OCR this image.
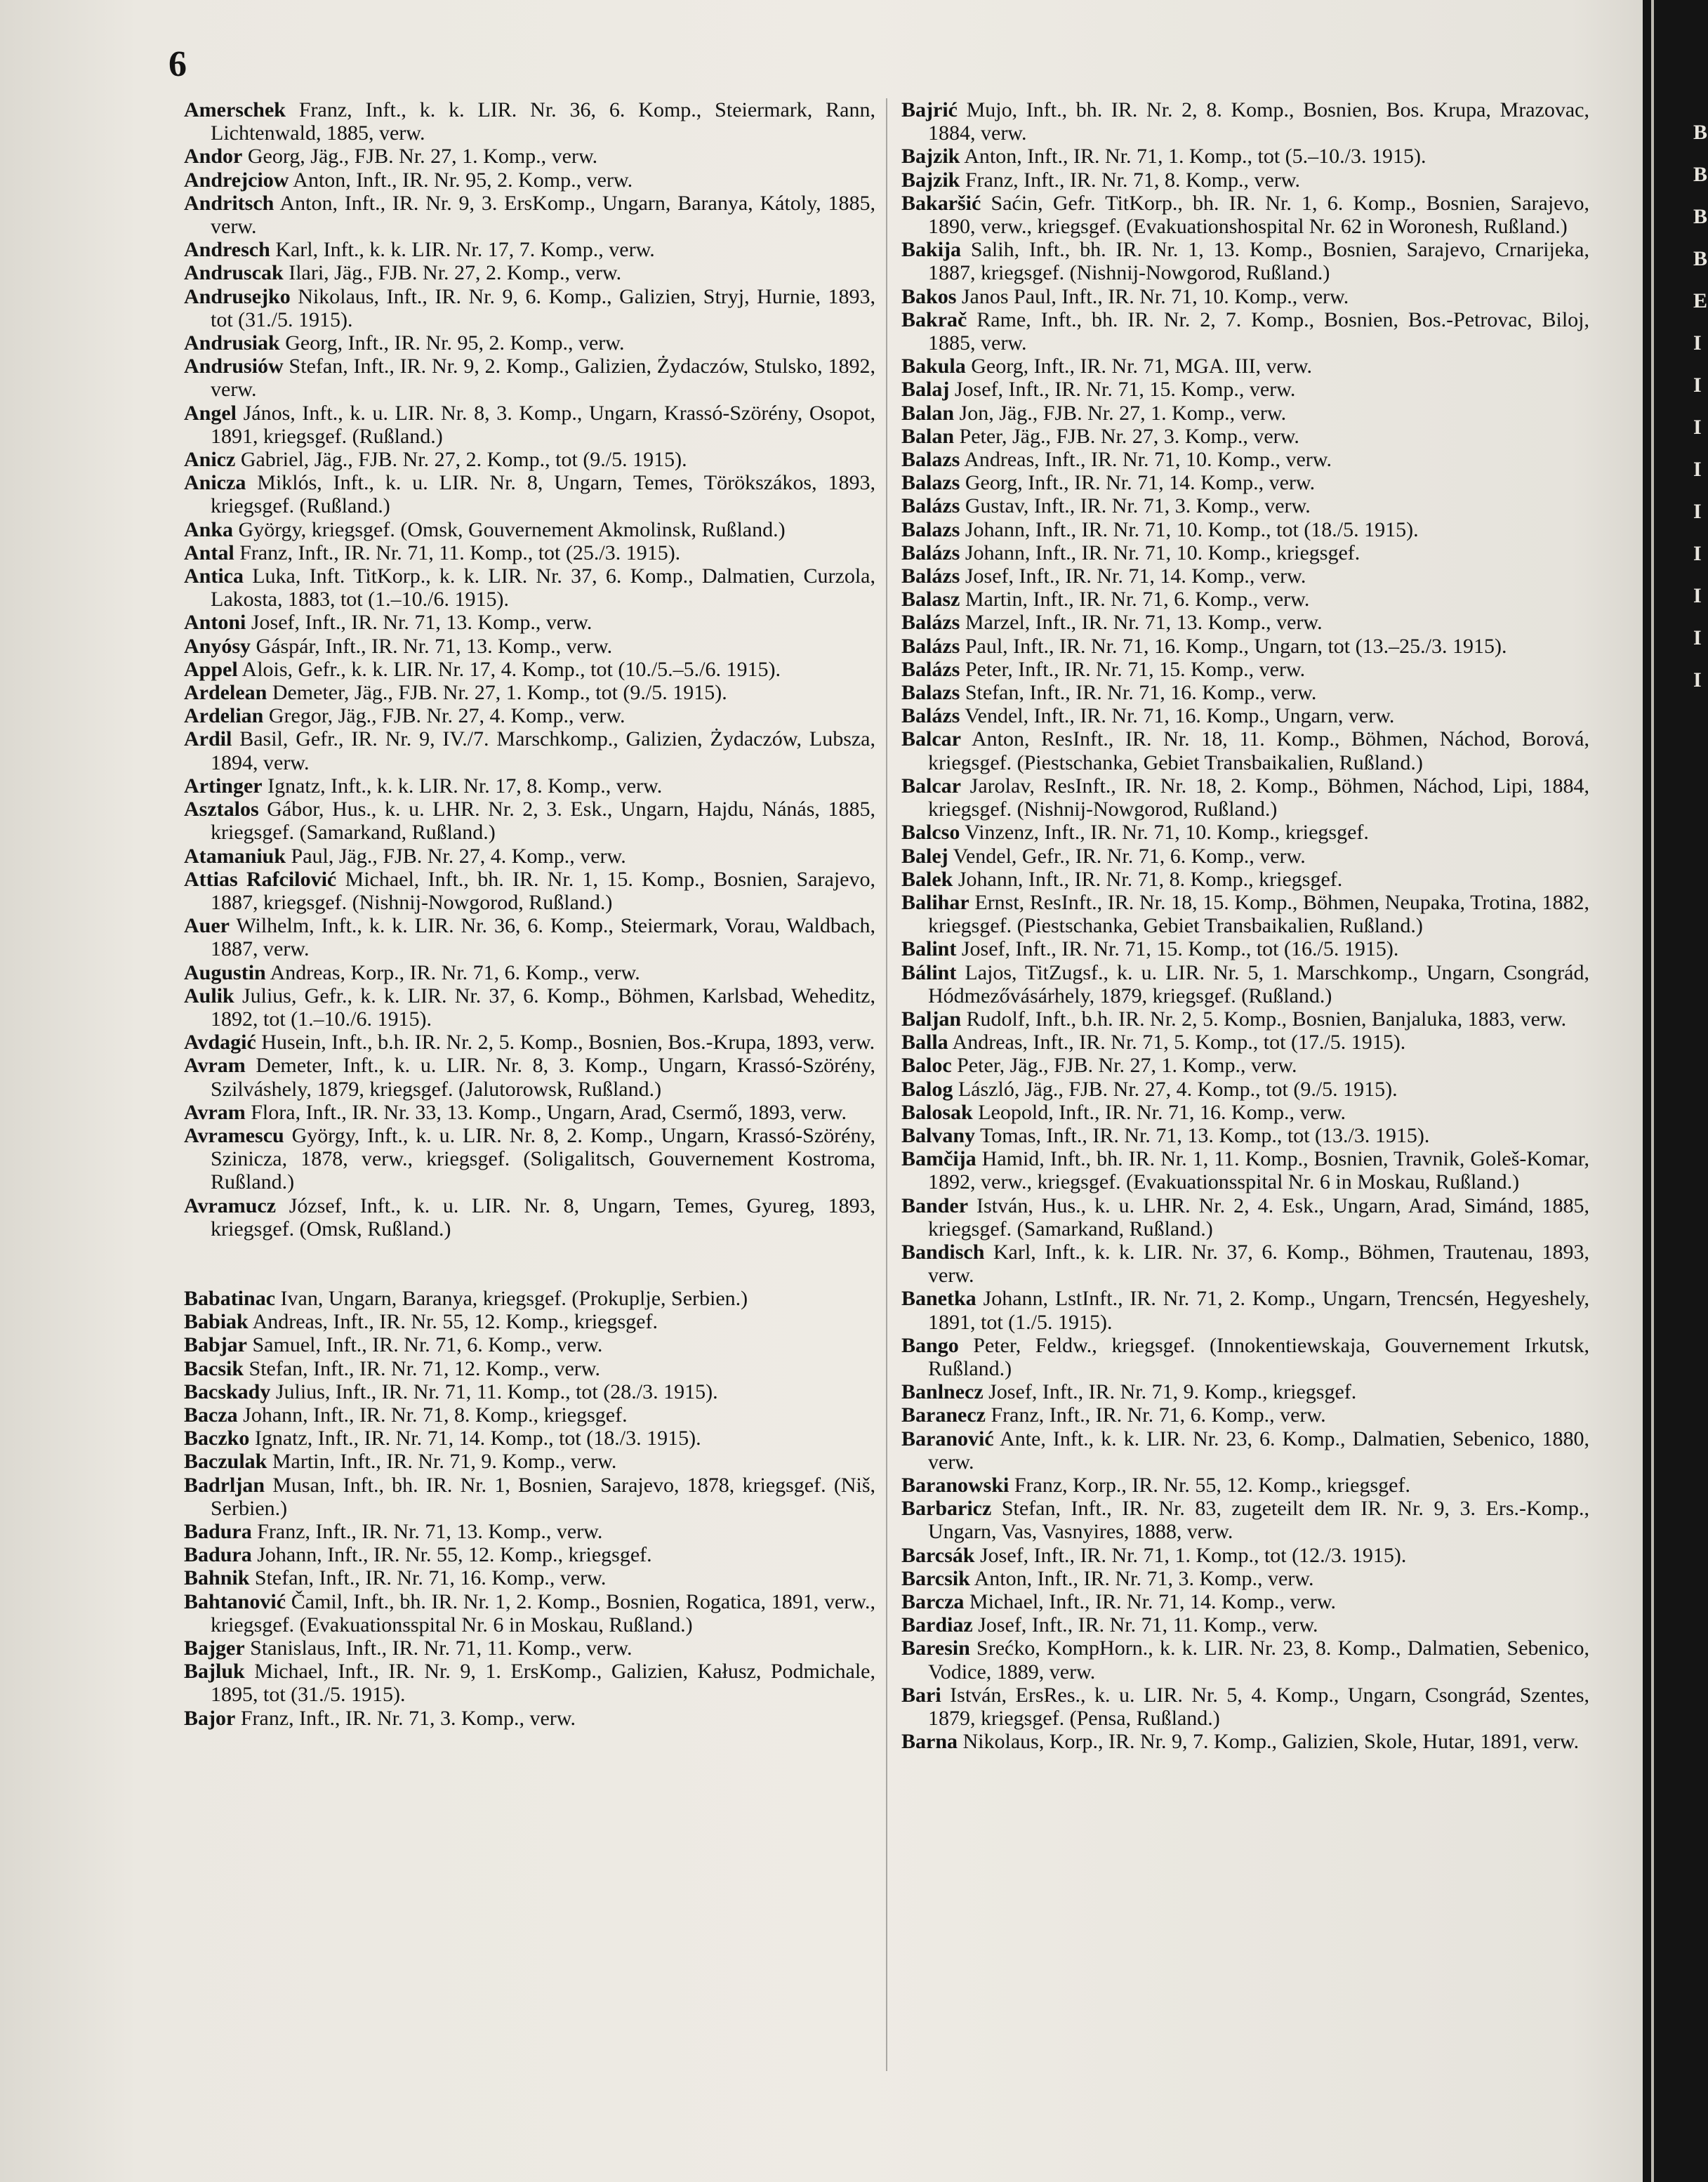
6

Amerschek Franz, Inft., k. k. LIR. Nr. 36, 6. Komp., Steiermark, Rann, Lichtenwald, 1885, verw.

Andor Georg, Jäg., FJB. Nr. 27, 1. Komp., verw.

Andrejciow Anton, Inft., IR. Nr. 95, 2. Komp., verw.

Andritsch Anton, Inft., IR. Nr. 9, 3. ErsKomp., Ungarn, Baranya, Kátoly, 1885, verw.

Andresch Karl, Inft., k. k. LIR. Nr. 17, 7. Komp., verw.

Andruscak Ilari, Jäg., FJB. Nr. 27, 2. Komp., verw.

Andrusejko Nikolaus, Inft., IR. Nr. 9, 6. Komp., Galizien, Stryj, Hurnie, 1893, tot (31./5. 1915).

Andrusiak Georg, Inft., IR. Nr. 95, 2. Komp., verw.

Andrusiów Stefan, Inft., IR. Nr. 9, 2. Komp., Galizien, Żydaczów, Stulsko, 1892, verw.

Angel János, Inft., k. u. LIR. Nr. 8, 3. Komp., Ungarn, Krassó-Szörény, Osopot, 1891, kriegsgef. (Rußland.)

Anicz Gabriel, Jäg., FJB. Nr. 27, 2. Komp., tot (9./5. 1915).

Anicza Miklós, Inft., k. u. LIR. Nr. 8, Ungarn, Temes, Törökszákos, 1893, kriegsgef. (Rußland.)

Anka György, kriegsgef. (Omsk, Gouvernement Akmolinsk, Rußland.)

Antal Franz, Inft., IR. Nr. 71, 11. Komp., tot (25./3. 1915).

Antica Luka, Inft. TitKorp., k. k. LIR. Nr. 37, 6. Komp., Dalmatien, Curzola, Lakosta, 1883, tot (1.–10./6. 1915).

Antoni Josef, Inft., IR. Nr. 71, 13. Komp., verw.

Anyósy Gáspár, Inft., IR. Nr. 71, 13. Komp., verw.

Appel Alois, Gefr., k. k. LIR. Nr. 17, 4. Komp., tot (10./5.–5./6. 1915).

Ardelean Demeter, Jäg., FJB. Nr. 27, 1. Komp., tot (9./5. 1915).

Ardelian Gregor, Jäg., FJB. Nr. 27, 4. Komp., verw.

Ardil Basil, Gefr., IR. Nr. 9, IV./7. Marschkomp., Galizien, Żydaczów, Lubsza, 1894, verw.

Artinger Ignatz, Inft., k. k. LIR. Nr. 17, 8. Komp., verw.

Asztalos Gábor, Hus., k. u. LHR. Nr. 2, 3. Esk., Ungarn, Hajdu, Nánás, 1885, kriegsgef. (Samarkand, Rußland.)

Atamaniuk Paul, Jäg., FJB. Nr. 27, 4. Komp., verw.

Attias Rafcilović Michael, Inft., bh. IR. Nr. 1, 15. Komp., Bosnien, Sarajevo, 1887, kriegsgef. (Nishnij-Nowgorod, Rußland.)

Auer Wilhelm, Inft., k. k. LIR. Nr. 36, 6. Komp., Steiermark, Vorau, Waldbach, 1887, verw.

Augustin Andreas, Korp., IR. Nr. 71, 6. Komp., verw.

Aulik Julius, Gefr., k. k. LIR. Nr. 37, 6. Komp., Böhmen, Karlsbad, Weheditz, 1892, tot (1.–10./6. 1915).

Avdagić Husein, Inft., b.h. IR. Nr. 2, 5. Komp., Bosnien, Bos.-Krupa, 1893, verw.

Avram Demeter, Inft., k. u. LIR. Nr. 8, 3. Komp., Ungarn, Krassó-Szörény, Szilváshely, 1879, kriegsgef. (Jalutorowsk, Rußland.)

Avram Flora, Inft., IR. Nr. 33, 13. Komp., Ungarn, Arad, Csermő, 1893, verw.

Avramescu György, Inft., k. u. LIR. Nr. 8, 2. Komp., Ungarn, Krassó-Szörény, Szinicza, 1878, verw., kriegsgef. (Soligalitsch, Gouvernement Kostroma, Rußland.)

Avramucz József, Inft., k. u. LIR. Nr. 8, Ungarn, Temes, Gyureg, 1893, kriegsgef. (Omsk, Rußland.)

Babatinac Ivan, Ungarn, Baranya, kriegsgef. (Prokuplje, Serbien.)

Babiak Andreas, Inft., IR. Nr. 55, 12. Komp., kriegsgef.

Babjar Samuel, Inft., IR. Nr. 71, 6. Komp., verw.

Bacsik Stefan, Inft., IR. Nr. 71, 12. Komp., verw.

Bacskady Julius, Inft., IR. Nr. 71, 11. Komp., tot (28./3. 1915).

Bacza Johann, Inft., IR. Nr. 71, 8. Komp., kriegsgef.

Baczko Ignatz, Inft., IR. Nr. 71, 14. Komp., tot (18./3. 1915).

Baczulak Martin, Inft., IR. Nr. 71, 9. Komp., verw.

Badrljan Musan, Inft., bh. IR. Nr. 1, Bosnien, Sarajevo, 1878, kriegsgef. (Niš, Serbien.)

Badura Franz, Inft., IR. Nr. 71, 13. Komp., verw.

Badura Johann, Inft., IR. Nr. 55, 12. Komp., kriegsgef.

Bahnik Stefan, Inft., IR. Nr. 71, 16. Komp., verw.

Bahtanović Čamil, Inft., bh. IR. Nr. 1, 2. Komp., Bosnien, Rogatica, 1891, verw., kriegsgef. (Evakuationsspital Nr. 6 in Moskau, Rußland.)

Bajger Stanislaus, Inft., IR. Nr. 71, 11. Komp., verw.

Bajluk Michael, Inft., IR. Nr. 9, 1. ErsKomp., Galizien, Kałusz, Podmichale, 1895, tot (31./5. 1915).

Bajor Franz, Inft., IR. Nr. 71, 3. Komp., verw.

Bajrić Mujo, Inft., bh. IR. Nr. 2, 8. Komp., Bosnien, Bos. Krupa, Mrazovac, 1884, verw.

Bajzik Anton, Inft., IR. Nr. 71, 1. Komp., tot (5.–10./3. 1915).

Bajzik Franz, Inft., IR. Nr. 71, 8. Komp., verw.

Bakaršić Saćin, Gefr. TitKorp., bh. IR. Nr. 1, 6. Komp., Bosnien, Sarajevo, 1890, verw., kriegsgef. (Evakuationshospital Nr. 62 in Woronesh, Rußland.)

Bakija Salih, Inft., bh. IR. Nr. 1, 13. Komp., Bosnien, Sarajevo, Crnarijeka, 1887, kriegsgef. (Nishnij-Nowgorod, Rußland.)

Bakos Janos Paul, Inft., IR. Nr. 71, 10. Komp., verw.

Bakrač Rame, Inft., bh. IR. Nr. 2, 7. Komp., Bosnien, Bos.-Petrovac, Biloj, 1885, verw.

Bakula Georg, Inft., IR. Nr. 71, MGA. III, verw.

Balaj Josef, Inft., IR. Nr. 71, 15. Komp., verw.

Balan Jon, Jäg., FJB. Nr. 27, 1. Komp., verw.

Balan Peter, Jäg., FJB. Nr. 27, 3. Komp., verw.

Balazs Andreas, Inft., IR. Nr. 71, 10. Komp., verw.

Balazs Georg, Inft., IR. Nr. 71, 14. Komp., verw.

Balázs Gustav, Inft., IR. Nr. 71, 3. Komp., verw.

Balazs Johann, Inft., IR. Nr. 71, 10. Komp., tot (18./5. 1915).

Balázs Johann, Inft., IR. Nr. 71, 10. Komp., kriegsgef.

Balázs Josef, Inft., IR. Nr. 71, 14. Komp., verw.

Balasz Martin, Inft., IR. Nr. 71, 6. Komp., verw.

Balázs Marzel, Inft., IR. Nr. 71, 13. Komp., verw.

Balázs Paul, Inft., IR. Nr. 71, 16. Komp., Ungarn, tot (13.–25./3. 1915).

Balázs Peter, Inft., IR. Nr. 71, 15. Komp., verw.

Balazs Stefan, Inft., IR. Nr. 71, 16. Komp., verw.

Balázs Vendel, Inft., IR. Nr. 71, 16. Komp., Ungarn, verw.

Balcar Anton, ResInft., IR. Nr. 18, 11. Komp., Böhmen, Náchod, Borová, kriegsgef. (Piestschanka, Gebiet Transbaikalien, Rußland.)

Balcar Jarolav, ResInft., IR. Nr. 18, 2. Komp., Böhmen, Náchod, Lipi, 1884, kriegsgef. (Nishnij-Nowgorod, Rußland.)

Balcso Vinzenz, Inft., IR. Nr. 71, 10. Komp., kriegsgef.

Balej Vendel, Gefr., IR. Nr. 71, 6. Komp., verw.

Balek Johann, Inft., IR. Nr. 71, 8. Komp., kriegsgef.

Balihar Ernst, ResInft., IR. Nr. 18, 15. Komp., Böhmen, Neupaka, Trotina, 1882, kriegsgef. (Piestschanka, Gebiet Transbaikalien, Rußland.)

Balint Josef, Inft., IR. Nr. 71, 15. Komp., tot (16./5. 1915).

Bálint Lajos, TitZugsf., k. u. LIR. Nr. 5, 1. Marschkomp., Ungarn, Csongrád, Hódmezővásárhely, 1879, kriegsgef. (Rußland.)

Baljan Rudolf, Inft., b.h. IR. Nr. 2, 5. Komp., Bosnien, Banjaluka, 1883, verw.

Balla Andreas, Inft., IR. Nr. 71, 5. Komp., tot (17./5. 1915).

Baloc Peter, Jäg., FJB. Nr. 27, 1. Komp., verw.

Balog László, Jäg., FJB. Nr. 27, 4. Komp., tot (9./5. 1915).

Balosak Leopold, Inft., IR. Nr. 71, 16. Komp., verw.

Balvany Tomas, Inft., IR. Nr. 71, 13. Komp., tot (13./3. 1915).

Bamčija Hamid, Inft., bh. IR. Nr. 1, 11. Komp., Bosnien, Travnik, Goleš-Komar, 1892, verw., kriegsgef. (Evakuationsspital Nr. 6 in Moskau, Rußland.)

Bander István, Hus., k. u. LHR. Nr. 2, 4. Esk., Ungarn, Arad, Simánd, 1885, kriegsgef. (Samarkand, Rußland.)

Bandisch Karl, Inft., k. k. LIR. Nr. 37, 6. Komp., Böhmen, Trautenau, 1893, verw.

Banetka Johann, LstInft., IR. Nr. 71, 2. Komp., Ungarn, Trencsén, Hegyeshely, 1891, tot (1./5. 1915).

Bango Peter, Feldw., kriegsgef. (Innokentiewskaja, Gouvernement Irkutsk, Rußland.)

Banlnecz Josef, Inft., IR. Nr. 71, 9. Komp., kriegsgef.

Baranecz Franz, Inft., IR. Nr. 71, 6. Komp., verw.

Baranović Ante, Inft., k. k. LIR. Nr. 23, 6. Komp., Dalmatien, Sebenico, 1880, verw.

Baranowski Franz, Korp., IR. Nr. 55, 12. Komp., kriegsgef.

Barbaricz Stefan, Inft., IR. Nr. 83, zugeteilt dem IR. Nr. 9, 3. Ers.-Komp., Ungarn, Vas, Vasnyires, 1888, verw.

Barcsák Josef, Inft., IR. Nr. 71, 1. Komp., tot (12./3. 1915).

Barcsik Anton, Inft., IR. Nr. 71, 3. Komp., verw.

Barcza Michael, Inft., IR. Nr. 71, 14. Komp., verw.

Bardiaz Josef, Inft., IR. Nr. 71, 11. Komp., verw.

Baresin Srećko, KompHorn., k. k. LIR. Nr. 23, 8. Komp., Dalmatien, Sebenico, Vodice, 1889, verw.

Bari István, ErsRes., k. u. LIR. Nr. 5, 4. Komp., Ungarn, Csongrád, Szentes, 1879, kriegsgef. (Pensa, Rußland.)

Barna Nikolaus, Korp., IR. Nr. 9, 7. Komp., Galizien, Skole, Hutar, 1891, verw.

B
B
B
B
E
I
I
I
I
I
I
I
I
I
